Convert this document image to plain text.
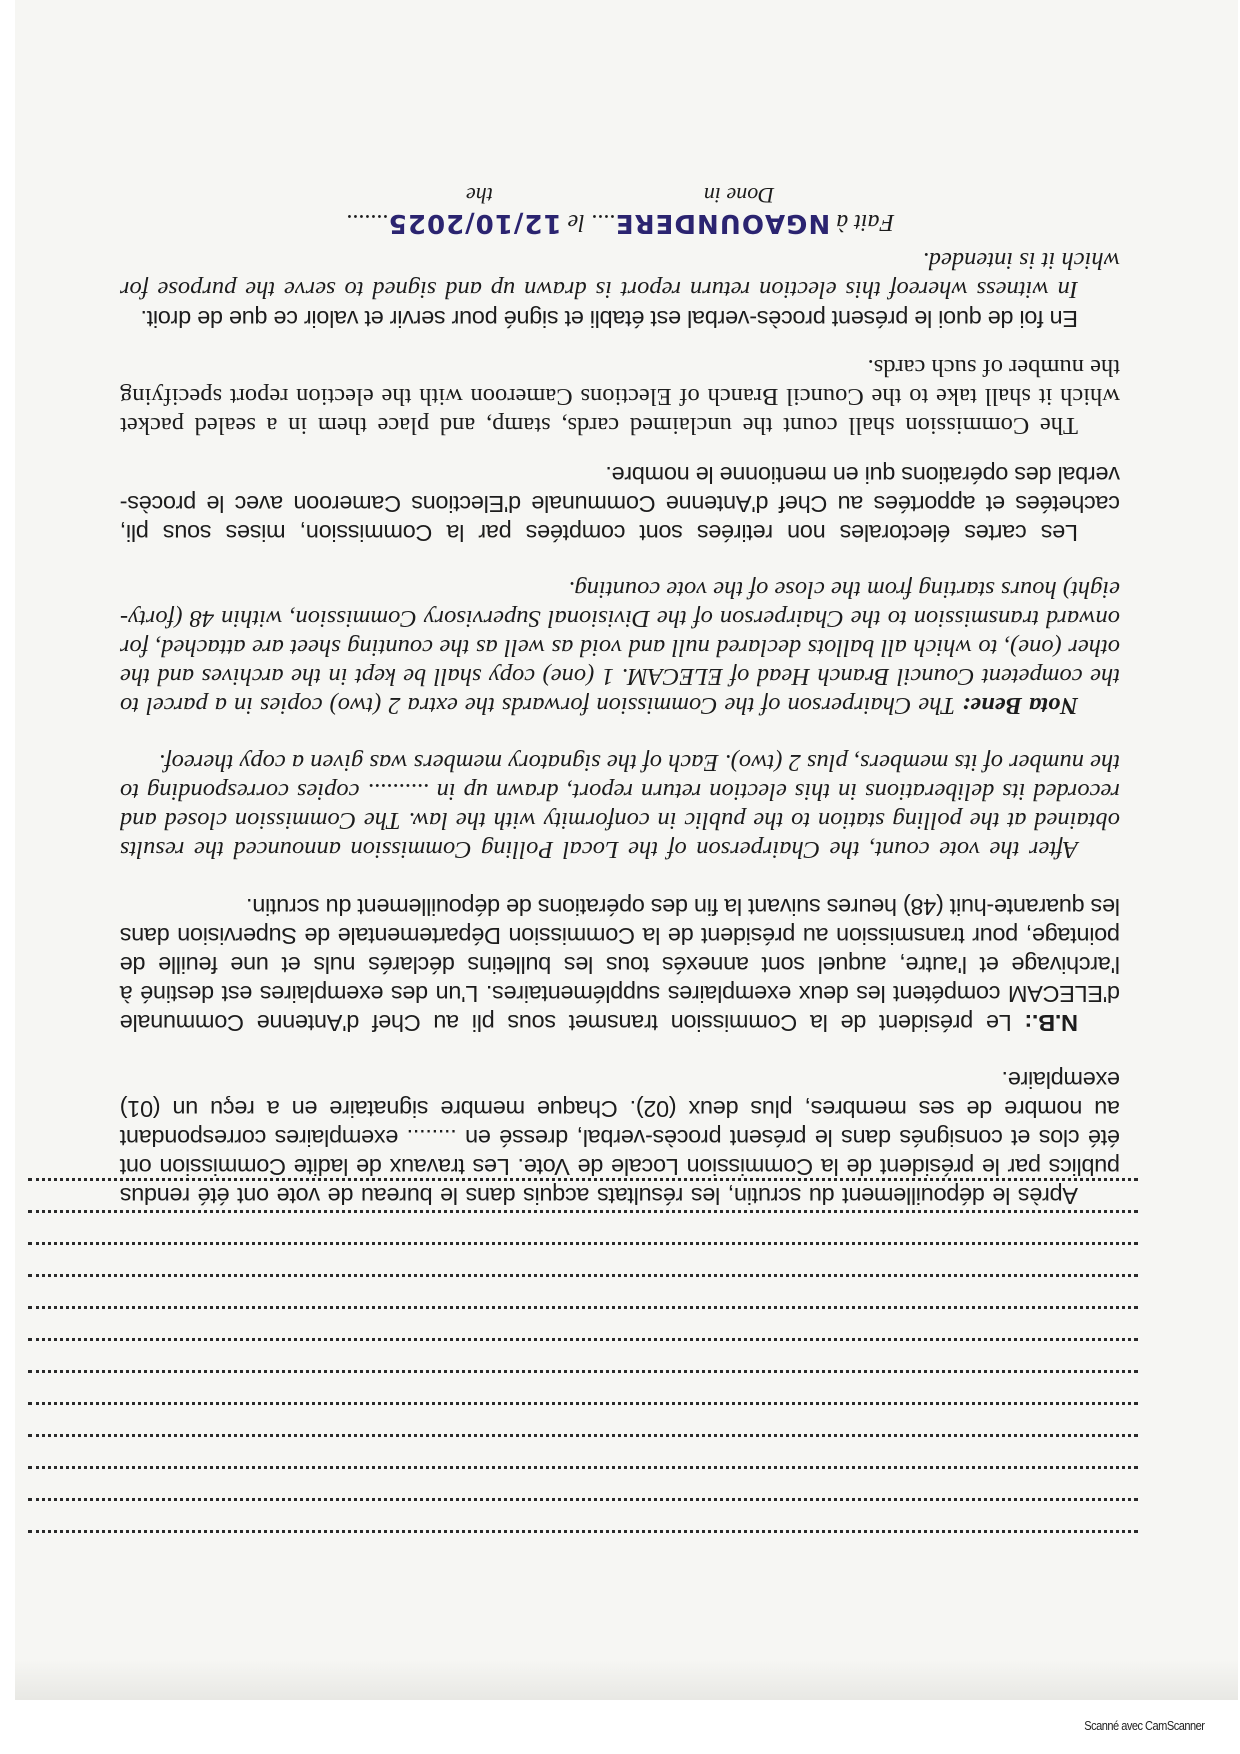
Après le dépouillement du scrutin, les résultats acquis dans le bureau de vote ont été rendus publics par le président de la Commission Locale de Vote. Les travaux de ladite Commission ont été clos et consignés dans le présent procès-verbal, dressé en ........ exemplaires correspondant au nombre de ses membres, plus deux (02). Chaque membre signataire en a reçu un (01) exemplaire.

N.B.: Le président de la Commission transmet sous pli au Chef d'Antenne Communale d'ELECAM compétent les deux exemplaires supplémentaires. L'un des exemplaires est destiné à l'archivage et l'autre, auquel sont annexés tous les bulletins déclarés nuls et une feuille de pointage, pour transmission au président de la Commission Départementale de Supervision dans les quarante-huit (48) heures suivant la fin des opérations de dépouillement du scrutin.

After the vote count, the Chairperson of the Local Polling Commission announced the results obtained at the polling station to the public in conformity with the law. The Commission closed and recorded its deliberations in this election return report, drawn up in .......... copies corresponding to the number of its members, plus 2 (two). Each of the signatory members was given a copy thereof.

Nota Bene: The Chairperson of the Commission forwards the extra 2 (two) copies in a parcel to the competent Council Branch Head of ELECAM. 1 (one) copy shall be kept in the archives and the other (one), to which all ballots declared null and void as well as the counting sheet are attached, for onward transmission to the Chairperson of the Divisional Supervisory Commission, within 48 (forty-eight) hours starting from the close of the vote counting.

Les cartes électorales non retirées sont comptées par la Commission, mises sous pli, cachetées et apportées au Chef d'Antenne Communale d'Elections Cameroon avec le procès-verbal des opérations qui en mentionne le nombre.

The Commission shall count the unclaimed cards, stamp, and place them in a sealed packet which it shall take to the Council Branch of Elections Cameroon with the election report specifying the number of such cards.

En foi de quoi le présent procès-verbal est établi et signé pour servir et valoir ce que de droit.

In witness whereof this election return report is drawn up and signed to serve the purpose for which it is intended.

Fait à NGAOUNDERE.... le 12/10/2025.......
Done in  the
Scanné avec CamScanner
